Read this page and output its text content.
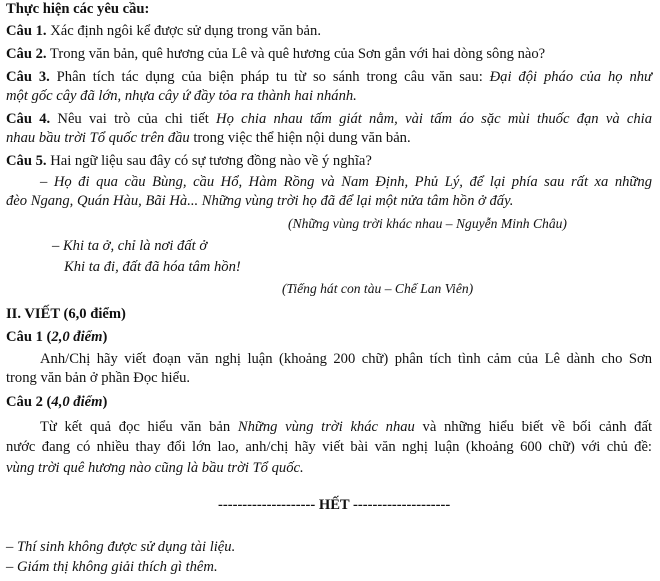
Thực hiện các yêu cầu:
Câu 1. Xác định ngôi kể được sử dụng trong văn bản.
Câu 2. Trong văn bản, quê hương của Lê và quê hương của Sơn gắn với hai dòng sông nào?
Câu 3. Phân tích tác dụng của biện pháp tu từ so sánh trong câu văn sau: Đại đội pháo của họ như
một gốc cây đã lớn, nhựa cây ứ đầy tỏa ra thành hai nhánh.
Câu 4. Nêu vai trò của chi tiết Họ chia nhau tấm giát nằm, vài tấm áo sặc mùi thuốc đạn và chia
nhau bầu trời Tổ quốc trên đầu trong việc thể hiện nội dung văn bản.
Câu 5. Hai ngữ liệu sau đây có sự tương đồng nào về ý nghĩa?
– Họ đi qua cầu Bùng, cầu Hổ, Hàm Rồng và Nam Định, Phủ Lý, để lại phía sau rất xa những
đèo Ngang, Quán Hàu, Bãi Hà... Những vùng trời họ đã để lại một nửa tâm hồn ở đấy.
(Những vùng trời khác nhau – Nguyễn Minh Châu)
– Khi ta ở, chỉ là nơi đất ở
Khi ta đi, đất đã hóa tâm hồn!
(Tiếng hát con tàu – Chế Lan Viên)
II. VIẾT (6,0 điểm)
Câu 1 (2,0 điểm)
Anh/Chị hãy viết đoạn văn nghị luận (khoảng 200 chữ) phân tích tình cảm của Lê dành cho Sơn
trong văn bản ở phần Đọc hiểu.
Câu 2 (4,0 điểm)
Từ kết quả đọc hiểu văn bản Những vùng trời khác nhau và những hiểu biết về bối cảnh đất
nước đang có nhiều thay đổi lớn lao, anh/chị hãy viết bài văn nghị luận (khoảng 600 chữ) với chủ đề:
vùng trời quê hương nào cũng là bầu trời Tổ quốc.
-------------------- HẾT --------------------
– Thí sinh không được sử dụng tài liệu.
– Giám thị không giải thích gì thêm.
